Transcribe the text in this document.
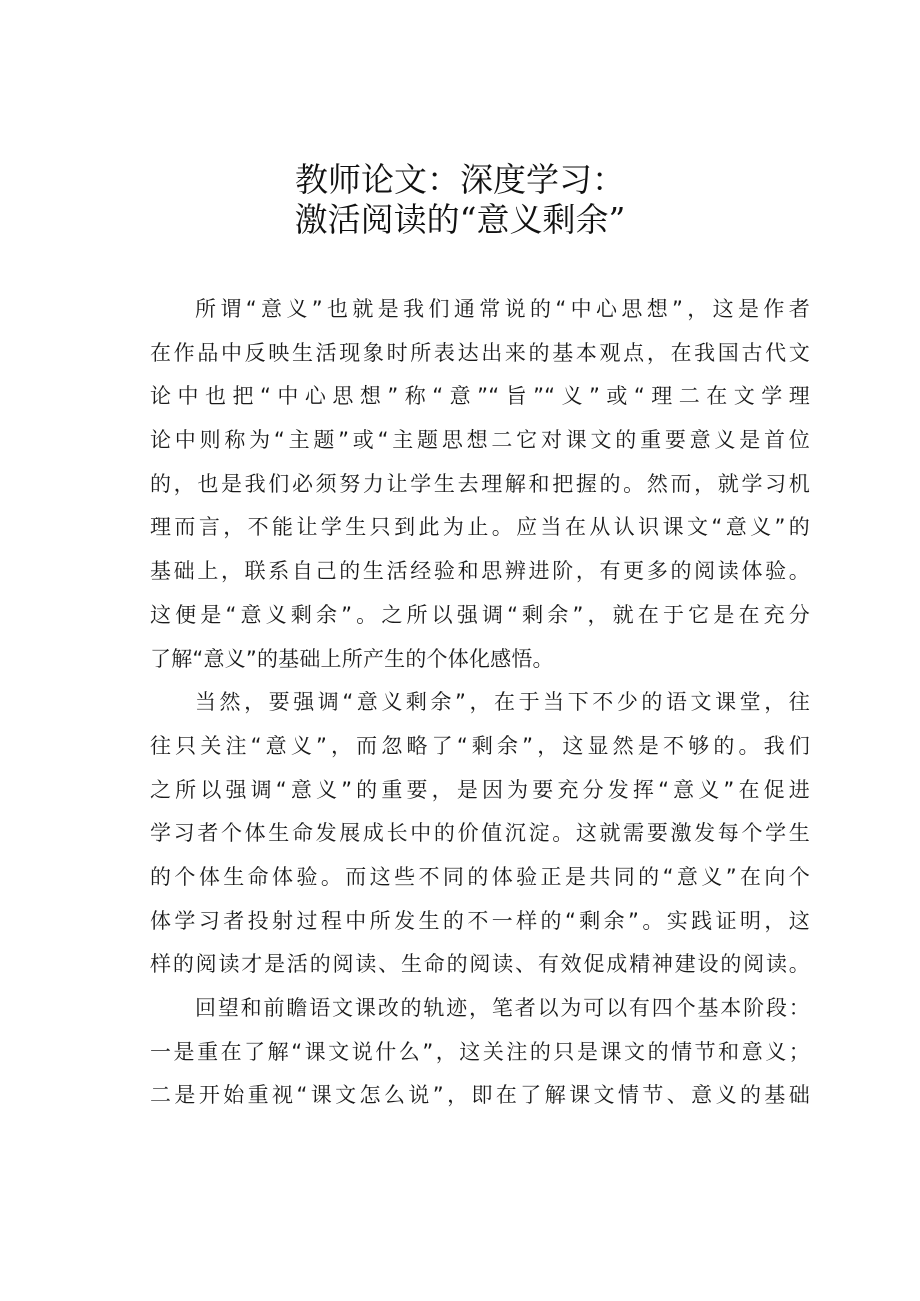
教师论文：深度学习：
激活阅读的“意义剩余”
所谓“意义”也就是我们通常说的“中心思想”，这是作者
在作品中反映生活现象时所表达出来的基本观点，在我国古代文
论中也把“中心思想”称“意”“旨”“义”或“理二在文学理
论中则称为“主题”或“主题思想二它对课文的重要意义是首位
的，也是我们必须努力让学生去理解和把握的。然而，就学习机
理而言，不能让学生只到此为止。应当在从认识课文“意义”的
基础上，联系自己的生活经验和思辨进阶，有更多的阅读体验。
这便是“意义剩余”。之所以强调“剩余”，就在于它是在充分
了解“意义”的基础上所产生的个体化感悟。
当然，要强调“意义剩余”，在于当下不少的语文课堂，往
往只关注“意义”，而忽略了“剩余”，这显然是不够的。我们
之所以强调“意义”的重要，是因为要充分发挥“意义”在促进
学习者个体生命发展成长中的价值沉淀。这就需要激发每个学生
的个体生命体验。而这些不同的体验正是共同的“意义”在向个
体学习者投射过程中所发生的不一样的“剩余”。实践证明，这
样的阅读才是活的阅读、生命的阅读、有效促成精神建设的阅读。
回望和前瞻语文课改的轨迹，笔者以为可以有四个基本阶段：
一是重在了解“课文说什么”，这关注的只是课文的情节和意义；
二是开始重视“课文怎么说”，即在了解课文情节、意义的基础
